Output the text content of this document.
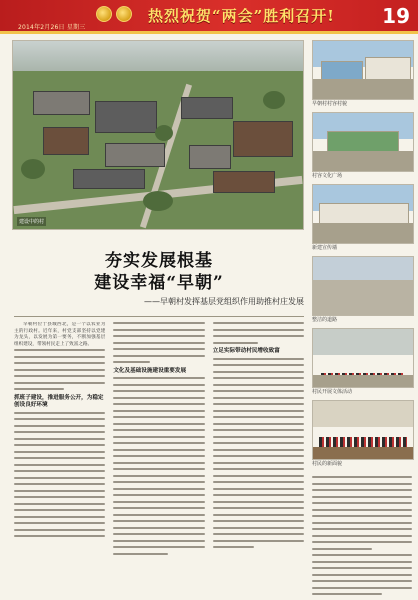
热烈祝贺“两会”胜利召开!
2014年2月26日 星期三	19
建设中的村
早朝村村容村貌
村容文化广场
新建宣传墙
整洁的道路
村民开展文体活动
村民的新面貌
夯实发展根基
建设幸福“早朝”
——早朝村发挥基层党组织作用助推村庄发展

早朝村位于县城西北，是一个以农业为主的行政村。近年来，村党支部坚持以党建为龙头，以发展为第一要务，不断加强基层组织建设，带领村民走上了致富之路。

抓班子建设，推进服务公开，为稳定创设良好环境
文化及基础设施建设重要发展
立足实际带动村民增收致富
